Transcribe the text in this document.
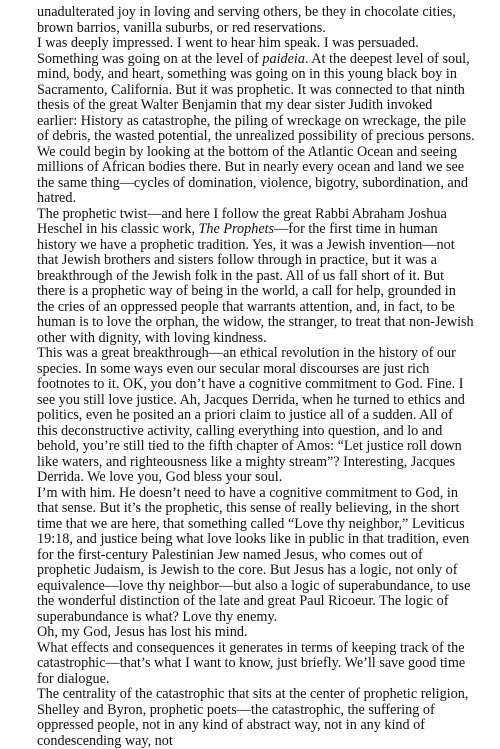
unadulterated joy in loving and serving others, be they in chocolate cities, brown barrios, vanilla suburbs, or red reservations.

I was deeply impressed. I went to hear him speak. I was persuaded. Something was going on at the level of paideia. At the deepest level of soul, mind, body, and heart, something was going on in this young black boy in Sacramento, California. But it was prophetic. It was connected to that ninth thesis of the great Walter Benjamin that my dear sister Judith invoked earlier: History as catastrophe, the piling of wreckage on wreckage, the pile of debris, the wasted potential, the unrealized possibility of precious persons. We could begin by looking at the bottom of the Atlantic Ocean and seeing millions of African bodies there. But in nearly every ocean and land we see the same thing—cycles of domination, violence, bigotry, subordination, and hatred.

The prophetic twist—and here I follow the great Rabbi Abraham Joshua Heschel in his classic work, The Prophets—for the first time in human history we have a prophetic tradition. Yes, it was a Jewish invention—not that Jewish brothers and sisters follow through in practice, but it was a breakthrough of the Jewish folk in the past. All of us fall short of it. But there is a prophetic way of being in the world, a call for help, grounded in the cries of an oppressed people that warrants attention, and, in fact, to be human is to love the orphan, the widow, the stranger, to treat that non-Jewish other with dignity, with loving kindness.

This was a great breakthrough—an ethical revolution in the history of our species. In some ways even our secular moral discourses are just rich footnotes to it. OK, you don’t have a cognitive commitment to God. Fine. I see you still love justice. Ah, Jacques Derrida, when he turned to ethics and politics, even he posited an a priori claim to justice all of a sudden. All of this deconstructive activity, calling everything into question, and lo and behold, you’re still tied to the fifth chapter of Amos: “Let justice roll down like waters, and righteousness like a mighty stream”? Interesting, Jacques Derrida. We love you, God bless your soul.

I’m with him. He doesn’t need to have a cognitive commitment to God, in that sense. But it’s the prophetic, this sense of really believing, in the short time that we are here, that something called “Love thy neighbor,” Leviticus 19:18, and justice being what love looks like in public in that tradition, even for the first-century Palestinian Jew named Jesus, who comes out of prophetic Judaism, is Jewish to the core. But Jesus has a logic, not only of equivalence—love thy neighbor—but also a logic of superabundance, to use the wonderful distinction of the late and great Paul Ricoeur. The logic of superabundance is what? Love thy enemy.

Oh, my God, Jesus has lost his mind.

What effects and consequences it generates in terms of keeping track of the catastrophic—that’s what I want to know, just briefly. We’ll save good time for dialogue.

The centrality of the catastrophic that sits at the center of prophetic religion, Shelley and Byron, prophetic poets—the catastrophic, the suffering of oppressed people, not in any kind of abstract way, not in any kind of condescending way, not
